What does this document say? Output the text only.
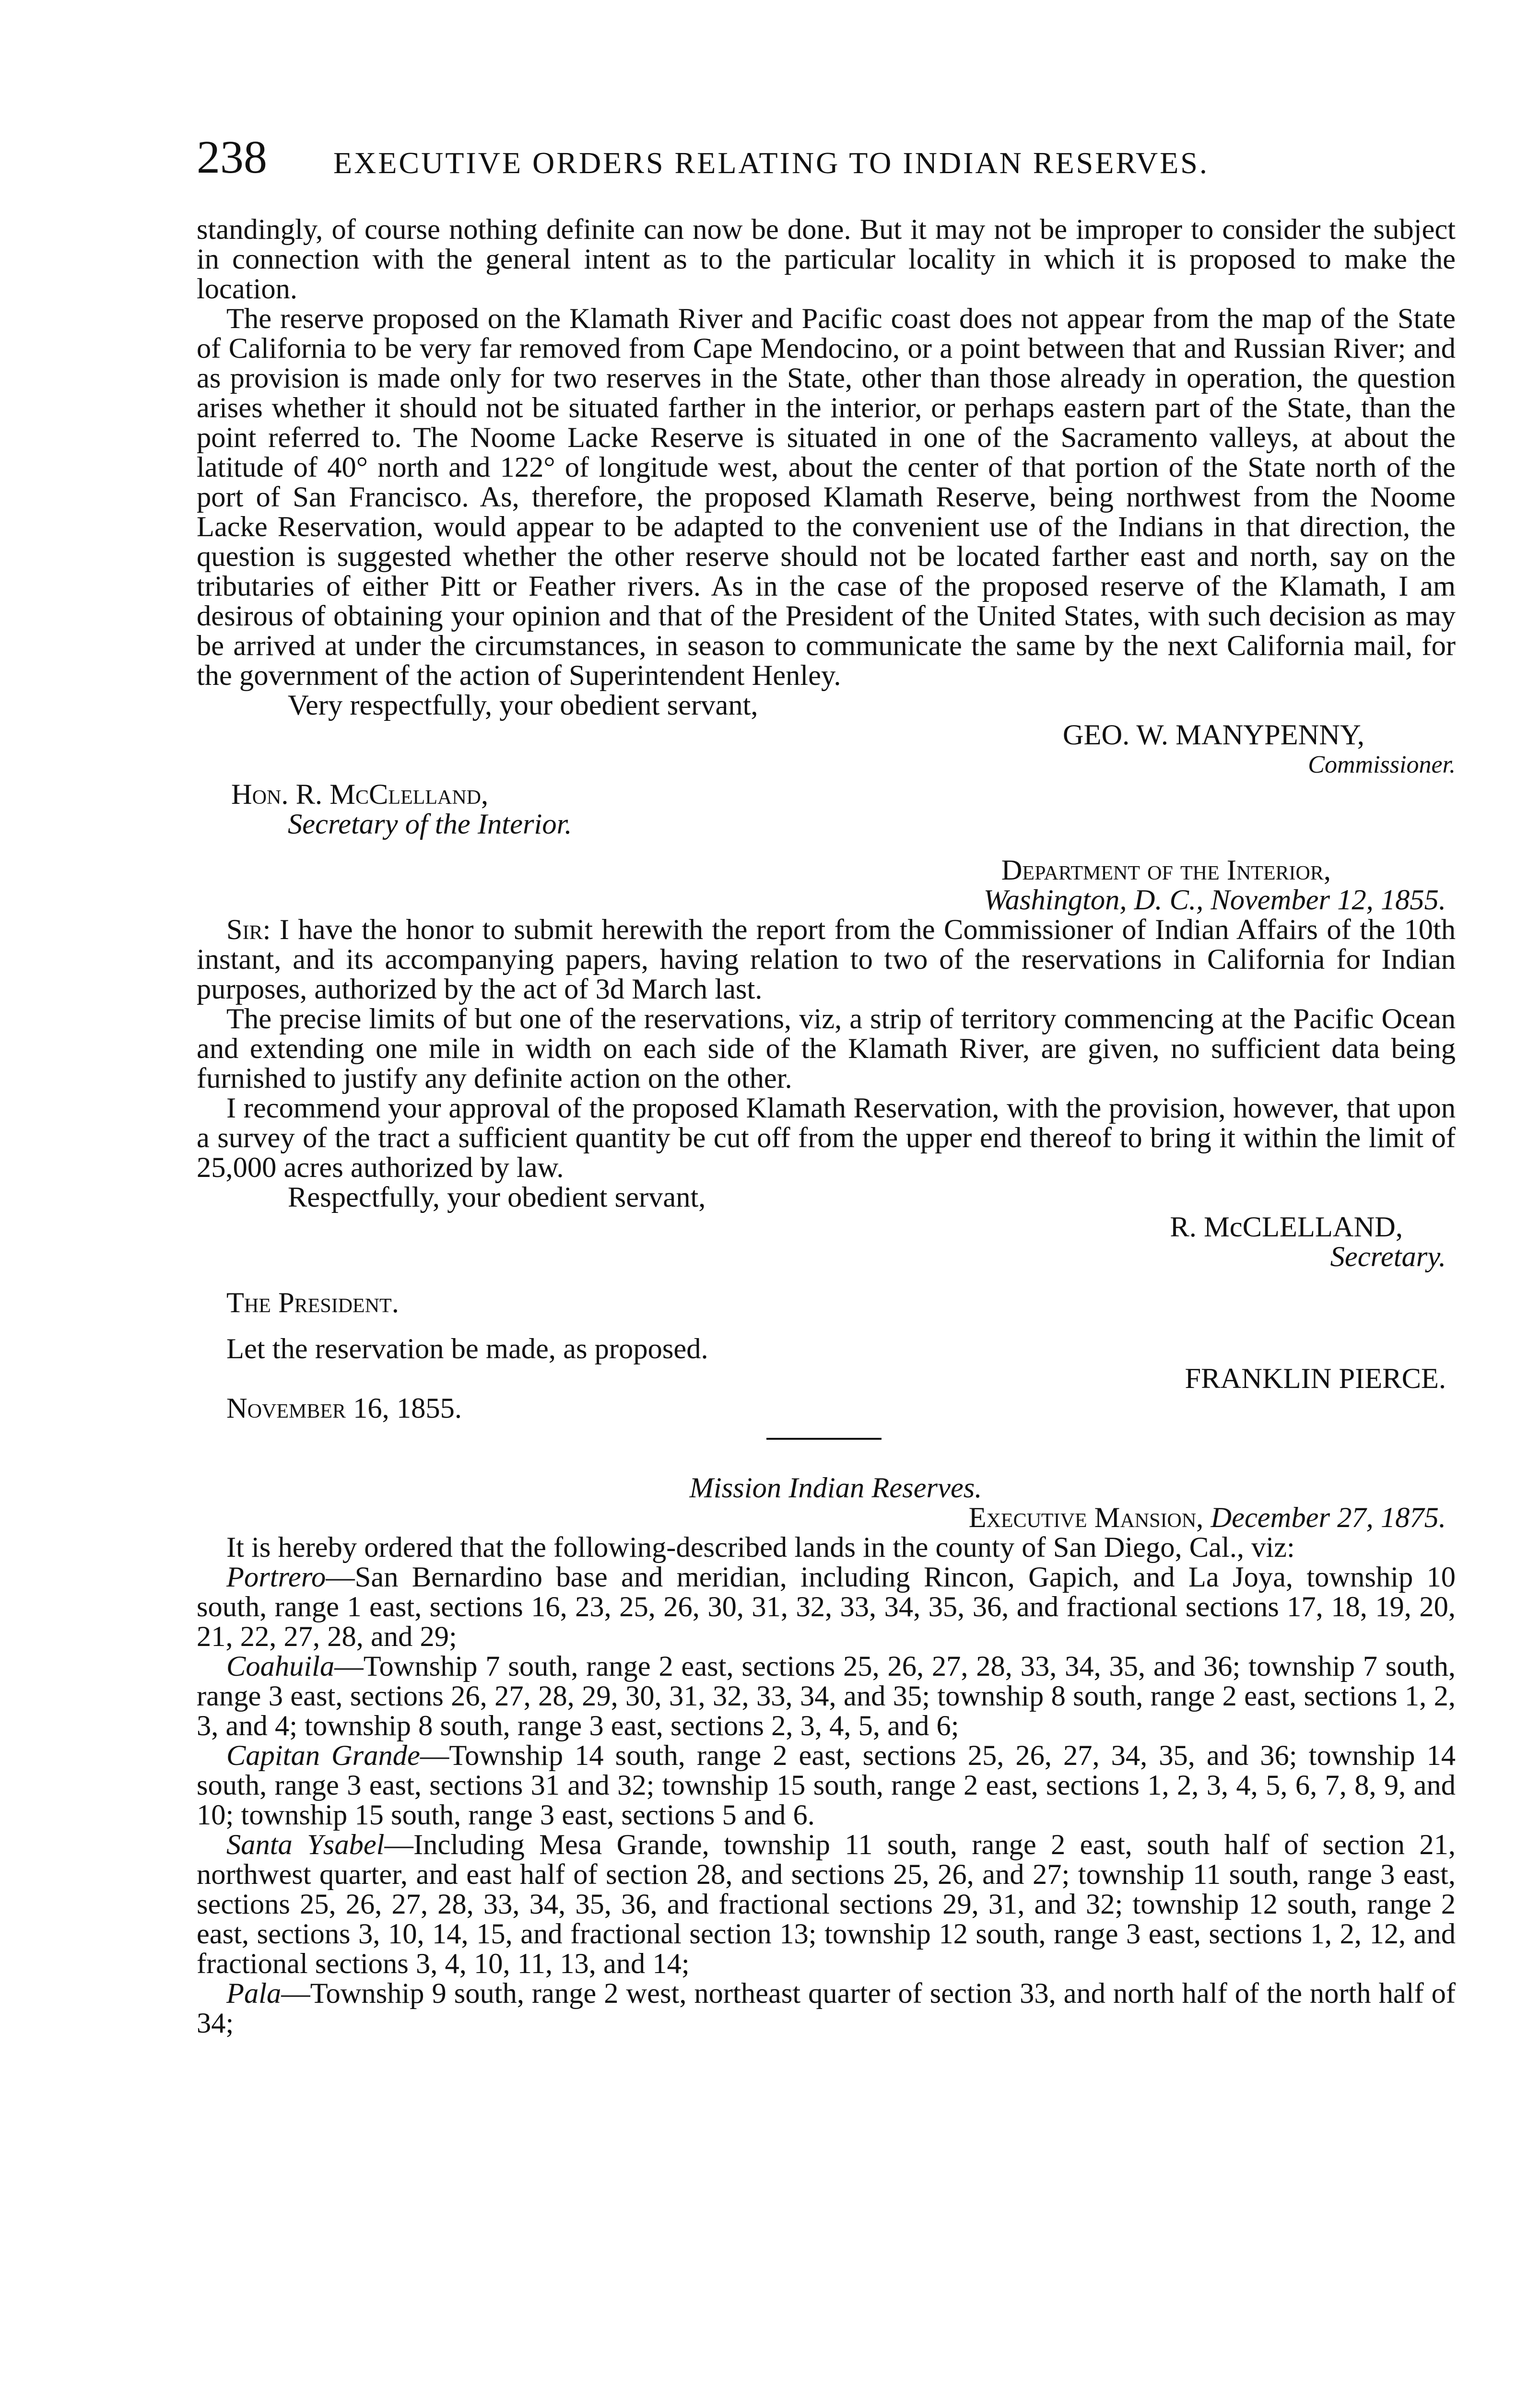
238 EXECUTIVE ORDERS RELATING TO INDIAN RESERVES.

standingly, of course nothing definite can now be done. But it may not be improper to consider the subject in connection with the general intent as to the particular locality in which it is proposed to make the location.

The reserve proposed on the Klamath River and Pacific coast does not appear from the map of the State of California to be very far removed from Cape Mendocino, or a point between that and Russian River; and as provision is made only for two reserves in the State, other than those already in operation, the question arises whether it should not be situated farther in the interior, or perhaps eastern part of the State, than the point referred to. The Noome Lacke Reserve is situated in one of the Sacramento valleys, at about the latitude of 40° north and 122° of longitude west, about the center of that portion of the State north of the port of San Francisco. As, therefore, the proposed Klamath Reserve, being northwest from the Noome Lacke Reservation, would appear to be adapted to the convenient use of the Indians in that direction, the question is suggested whether the other reserve should not be located farther east and north, say on the tributaries of either Pitt or Feather rivers. As in the case of the proposed reserve of the Klamath, I am desirous of obtaining your opinion and that of the President of the United States, with such decision as may be arrived at under the circumstances, in season to communicate the same by the next California mail, for the government of the action of Superintendent Henley.

Very respectfully, your obedient servant,

GEO. W. MANYPENNY,

Commissioner.

Hon. R. McClelland,

Secretary of the Interior.

Department of the Interior,

Washington, D. C., November 12, 1855.

Sir: I have the honor to submit herewith the report from the Commissioner of Indian Affairs of the 10th instant, and its accompanying papers, having relation to two of the reservations in California for Indian purposes, authorized by the act of 3d March last.

The precise limits of but one of the reservations, viz, a strip of territory commencing at the Pacific Ocean and extending one mile in width on each side of the Klamath River, are given, no sufficient data being furnished to justify any definite action on the other.

I recommend your approval of the proposed Klamath Reservation, with the provision, however, that upon a survey of the tract a sufficient quantity be cut off from the upper end thereof to bring it within the limit of 25,000 acres authorized by law.

Respectfully, your obedient servant,

R. McCLELLAND,

Secretary.

The President.

Let the reservation be made, as proposed.

FRANKLIN PIERCE.

November 16, 1855.

Mission Indian Reserves.

Executive Mansion, December 27, 1875.

It is hereby ordered that the following-described lands in the county of San Diego, Cal., viz:

Portrero—San Bernardino base and meridian, including Rincon, Gapich, and La Joya, township 10 south, range 1 east, sections 16, 23, 25, 26, 30, 31, 32, 33, 34, 35, 36, and fractional sections 17, 18, 19, 20, 21, 22, 27, 28, and 29;

Coahuila—Township 7 south, range 2 east, sections 25, 26, 27, 28, 33, 34, 35, and 36; township 7 south, range 3 east, sections 26, 27, 28, 29, 30, 31, 32, 33, 34, and 35; township 8 south, range 2 east, sections 1, 2, 3, and 4; township 8 south, range 3 east, sections 2, 3, 4, 5, and 6;

Capitan Grande—Township 14 south, range 2 east, sections 25, 26, 27, 34, 35, and 36; township 14 south, range 3 east, sections 31 and 32; township 15 south, range 2 east, sections 1, 2, 3, 4, 5, 6, 7, 8, 9, and 10; township 15 south, range 3 east, sections 5 and 6.

Santa Ysabel—Including Mesa Grande, township 11 south, range 2 east, south half of section 21, northwest quarter, and east half of section 28, and sections 25, 26, and 27; township 11 south, range 3 east, sections 25, 26, 27, 28, 33, 34, 35, 36, and fractional sections 29, 31, and 32; township 12 south, range 2 east, sections 3, 10, 14, 15, and fractional section 13; township 12 south, range 3 east, sections 1, 2, 12, and fractional sections 3, 4, 10, 11, 13, and 14;

Pala—Township 9 south, range 2 west, northeast quarter of section 33, and north half of the north half of 34;
